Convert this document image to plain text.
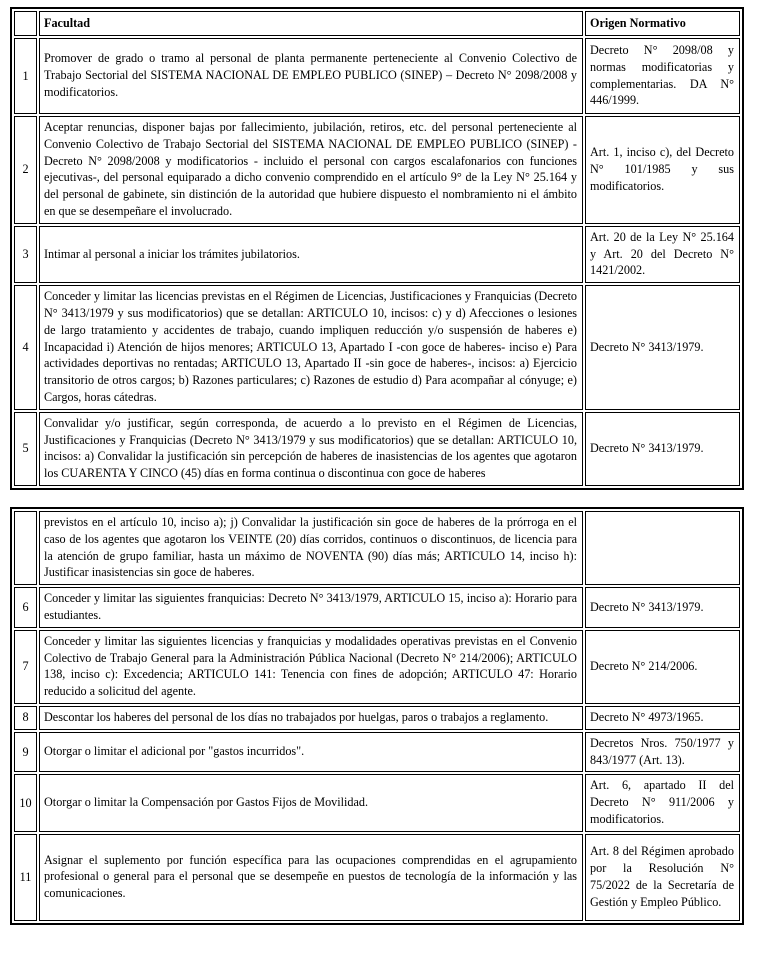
	Facultad	Origen Normativo
1	Promover de grado o tramo al personal de planta permanente perteneciente al Convenio Colectivo de Trabajo Sectorial del SISTEMA NACIONAL DE EMPLEO PUBLICO (SINEP) – Decreto N° 2098/2008 y modificatorios.	Decreto N° 2098/08 y normas modificatorias y complementarias. DA N° 446/1999.
2	Aceptar renuncias, disponer bajas por fallecimiento, jubilación, retiros, etc. del personal perteneciente al Convenio Colectivo de Trabajo Sectorial del SISTEMA NACIONAL DE EMPLEO PUBLICO (SINEP) - Decreto N° 2098/2008 y modificatorios - incluido el personal con cargos escalafonarios con funciones ejecutivas-, del personal equiparado a dicho convenio comprendido en el artículo 9° de la Ley N° 25.164 y del personal de gabinete, sin distinción de la autoridad que hubiere dispuesto el nombramiento ni el ámbito en que se desempeñare el involucrado.	Art. 1, inciso c), del Decreto N° 101/1985 y sus modificatorios.
3	Intimar al personal a iniciar los trámites jubilatorios.	Art. 20 de la Ley N° 25.164 y Art. 20 del Decreto N° 1421/2002.
4	Conceder y limitar las licencias previstas en el Régimen de Licencias, Justificaciones y Franquicias (Decreto N° 3413/1979 y sus modificatorios) que se detallan: ARTICULO 10, incisos: c) y d) Afecciones o lesiones de largo tratamiento y accidentes de trabajo, cuando impliquen reducción y/o suspensión de haberes e) Incapacidad i) Atención de hijos menores; ARTICULO 13, Apartado I -con goce de haberes- inciso e) Para actividades deportivas no rentadas; ARTICULO 13, Apartado II -sin goce de haberes-, incisos: a) Ejercicio transitorio de otros cargos; b) Razones particulares; c) Razones de estudio d) Para acompañar al cónyuge; e) Cargos, horas cátedras.	Decreto N° 3413/1979.
5	Convalidar y/o justificar, según corresponda, de acuerdo a lo previsto en el Régimen de Licencias, Justificaciones y Franquicias (Decreto N° 3413/1979 y sus modificatorios) que se detallan: ARTICULO 10, incisos: a) Convalidar la justificación sin percepción de haberes de inasistencias de los agentes que agotaron los CUARENTA Y CINCO (45) días en forma continua o discontinua con goce de haberes	Decreto N° 3413/1979.
	previstos en el artículo 10, inciso a); j) Convalidar la justificación sin goce de haberes de la prórroga en el caso de los agentes que agotaron los VEINTE (20) días corridos, continuos o discontinuos, de licencia para la atención de grupo familiar, hasta un máximo de NOVENTA (90) días más; ARTICULO 14, inciso h): Justificar inasistencias sin goce de haberes.	
6	Conceder y limitar las siguientes franquicias: Decreto N° 3413/1979, ARTICULO 15, inciso a): Horario para estudiantes.	Decreto N° 3413/1979.
7	Conceder y limitar las siguientes licencias y franquicias y modalidades operativas previstas en el Convenio Colectivo de Trabajo General para la Administración Pública Nacional (Decreto N° 214/2006); ARTICULO 138, inciso c): Excedencia; ARTICULO 141: Tenencia con fines de adopción; ARTICULO 47: Horario reducido a solicitud del agente.	Decreto N° 214/2006.
8	Descontar los haberes del personal de los días no trabajados por huelgas, paros o trabajos a reglamento.	Decreto N° 4973/1965.
9	Otorgar o limitar el adicional por "gastos incurridos".	Decretos Nros. 750/1977 y 843/1977 (Art. 13).
10	Otorgar o limitar la Compensación por Gastos Fijos de Movilidad.	Art. 6, apartado II del Decreto N° 911/2006 y modificatorios.
11	Asignar el suplemento por función específica para las ocupaciones comprendidas en el agrupamiento profesional o general para el personal que se desempeñe en puestos de tecnología de la información y las comunicaciones.	Art. 8 del Régimen aprobado por la Resolución N° 75/2022 de la Secretaría de Gestión y Empleo Público.
